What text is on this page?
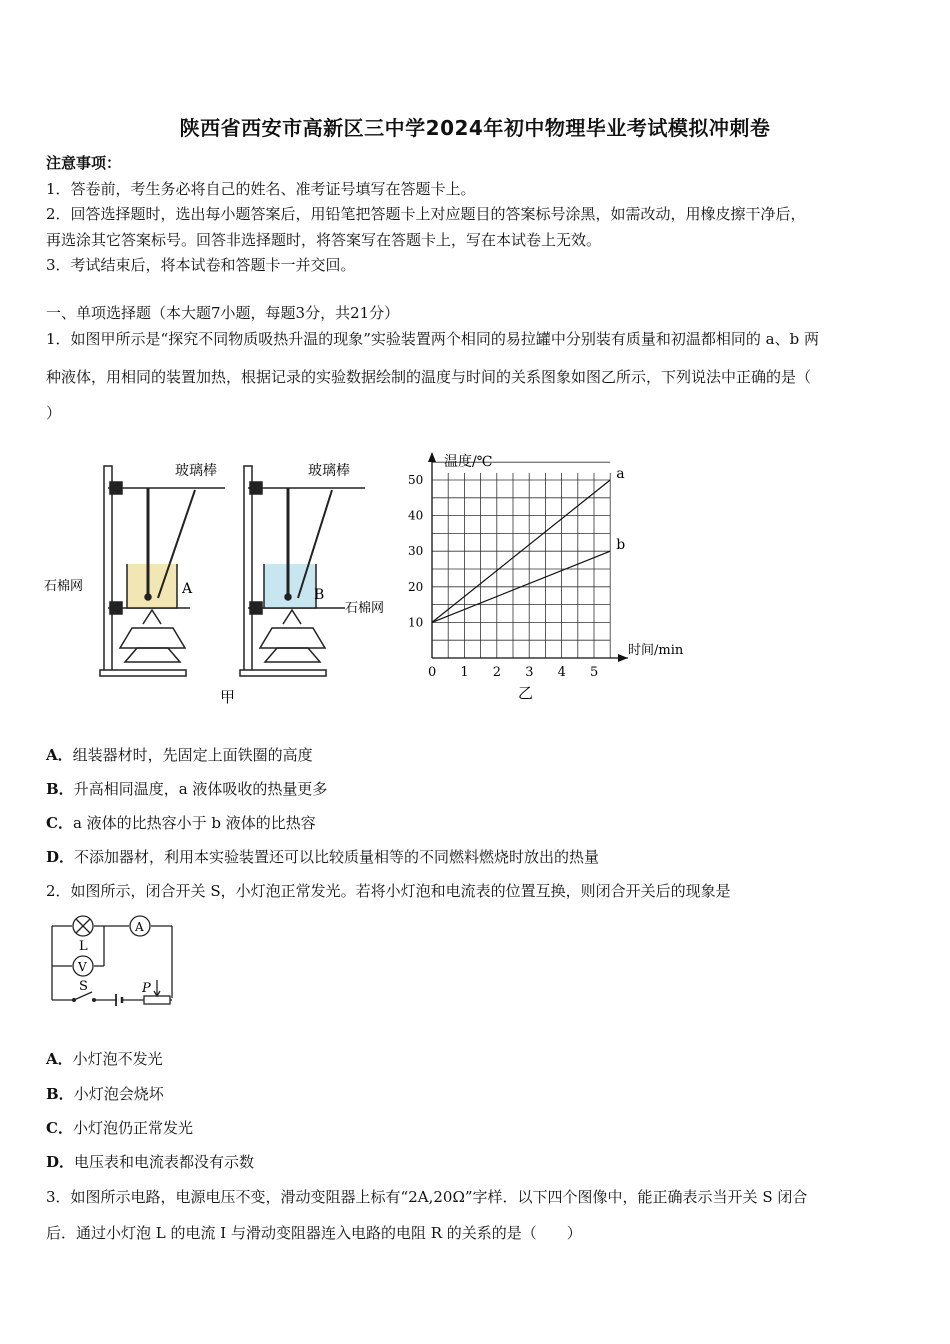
陕西省西安市高新区三中学2024年初中物理毕业考试模拟冲刺卷
注意事项：
1．答卷前，考生务必将自己的姓名、准考证号填写在答题卡上。
2．回答选择题时，选出每小题答案后，用铅笔把答题卡上对应题目的答案标号涂黑，如需改动，用橡皮擦干净后，
再选涂其它答案标号。回答非选择题时，将答案写在答题卡上，写在本试卷上无效。
3．考试结束后，将本试卷和答题卡一并交回。
一、单项选择题（本大题7小题，每题3分，共21分）
1．如图甲所示是“探究不同物质吸热升温的现象”实验装置两个相同的易拉罐中分别装有质量和初温都相同的 a、b 两
种液体，用相同的装置加热，根据记录的实验数据绘制的温度与时间的关系图象如图乙所示，下列说法中正确的是（
）
玻璃棒	玻璃棒
石棉网
石棉网
A	B
甲
0 1 2 3 4 5
10
20
30
40
50	a
b
温度/℃
时间/min
乙
A．组装器材时，先固定上面铁圈的高度
B．升高相同温度，a 液体吸收的热量更多
C．a 液体的比热容小于 b 液体的比热容
D．不添加器材，利用本实验装置还可以比较质量相等的不同燃料燃烧时放出的热量
2．如图所示，闭合开关 S，小灯泡正常发光。若将小灯泡和电流表的位置互换，则闭合开关后的现象是
A
V
L
S	P
A．小灯泡不发光
B．小灯泡会烧坏
C．小灯泡仍正常发光
D．电压表和电流表都没有示数
3．如图所示电路，电源电压不变，滑动变阻器上标有“2A,20Ω”字样．以下四个图像中，能正确表示当开关 S 闭合
后．通过小灯泡 L 的电流 I 与滑动变阻器连入电路的电阻 R 的关系的是（　　）
